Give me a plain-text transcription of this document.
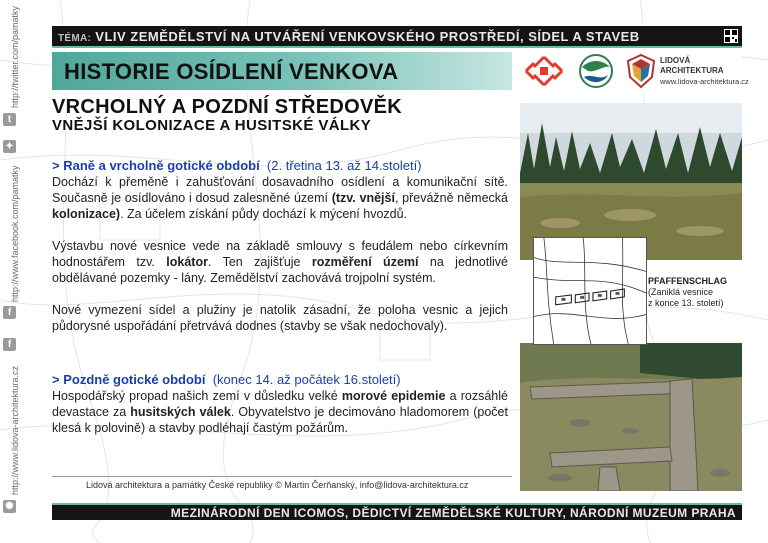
t
http://twitter.com/pamatky
✦
f
http://www.facebook.com/pamatky
f
✺
http://www.lidova-architektura.cz
TÉMA: VLIV ZEMĚDĚLSTVÍ NA UTVÁŘENÍ VENKOVSKÉHO PROSTŘEDÍ, SÍDEL A STAVEB
HISTORIE OSÍDLENÍ VENKOVA	LIDOVÁ
ARCHITEKTURA
www.lidova-architektura.cz
VRCHOLNÝ A POZDNÍ STŘEDOVĚK
VNĚJŠÍ KOLONIZACE A HUSITSKÉ VÁLKY
> Raně a vrcholně gotické období (2. třetina 13. až 14.století)

Dochází k přeměně i zahušťování dosavadního osídlení a komunikační sítě. Současně je osídlováno i dosud zalesněné území (tzv. vnější, převážně německá kolonizace). Za účelem získání půdy dochází k mýcení hvozdů.

Výstavbu nové vesnice vede na základě smlouvy s feudálem nebo církevním hodnostářem tzv. lokátor. Ten zajišťuje rozměření území na jednotlivé obdělávané pozemky - lány. Zemědělství zachovává trojpolní systém.

Nové vymezení sídel a plužiny je natolik zásadní, že poloha vesnic a jejich půdorysné uspořádání přetrvává dodnes (stavby se však nedochovaly).

> Pozdně gotické období (konec 14. až počátek 16.století)

Hospodářský propad našich zemí v důsledku velké morové epidemie a rozsáhlé devastace za husitských válek. Obyvatelstvo je decimováno hladomorem (počet klesá k polovině) a stavby podléhají častým požárům.

PFAFFENSCHLAG
(Zaniklá vesnice
z konce 13. století)
Lidová architektura a památky České republiky © Martin Čerňanský, info@lidova-architektura.cz
MEZINÁRODNÍ DEN ICOMOS, DĚDICTVÍ ZEMĚDĚLSKÉ KULTURY, NÁRODNÍ MUZEUM PRAHA
